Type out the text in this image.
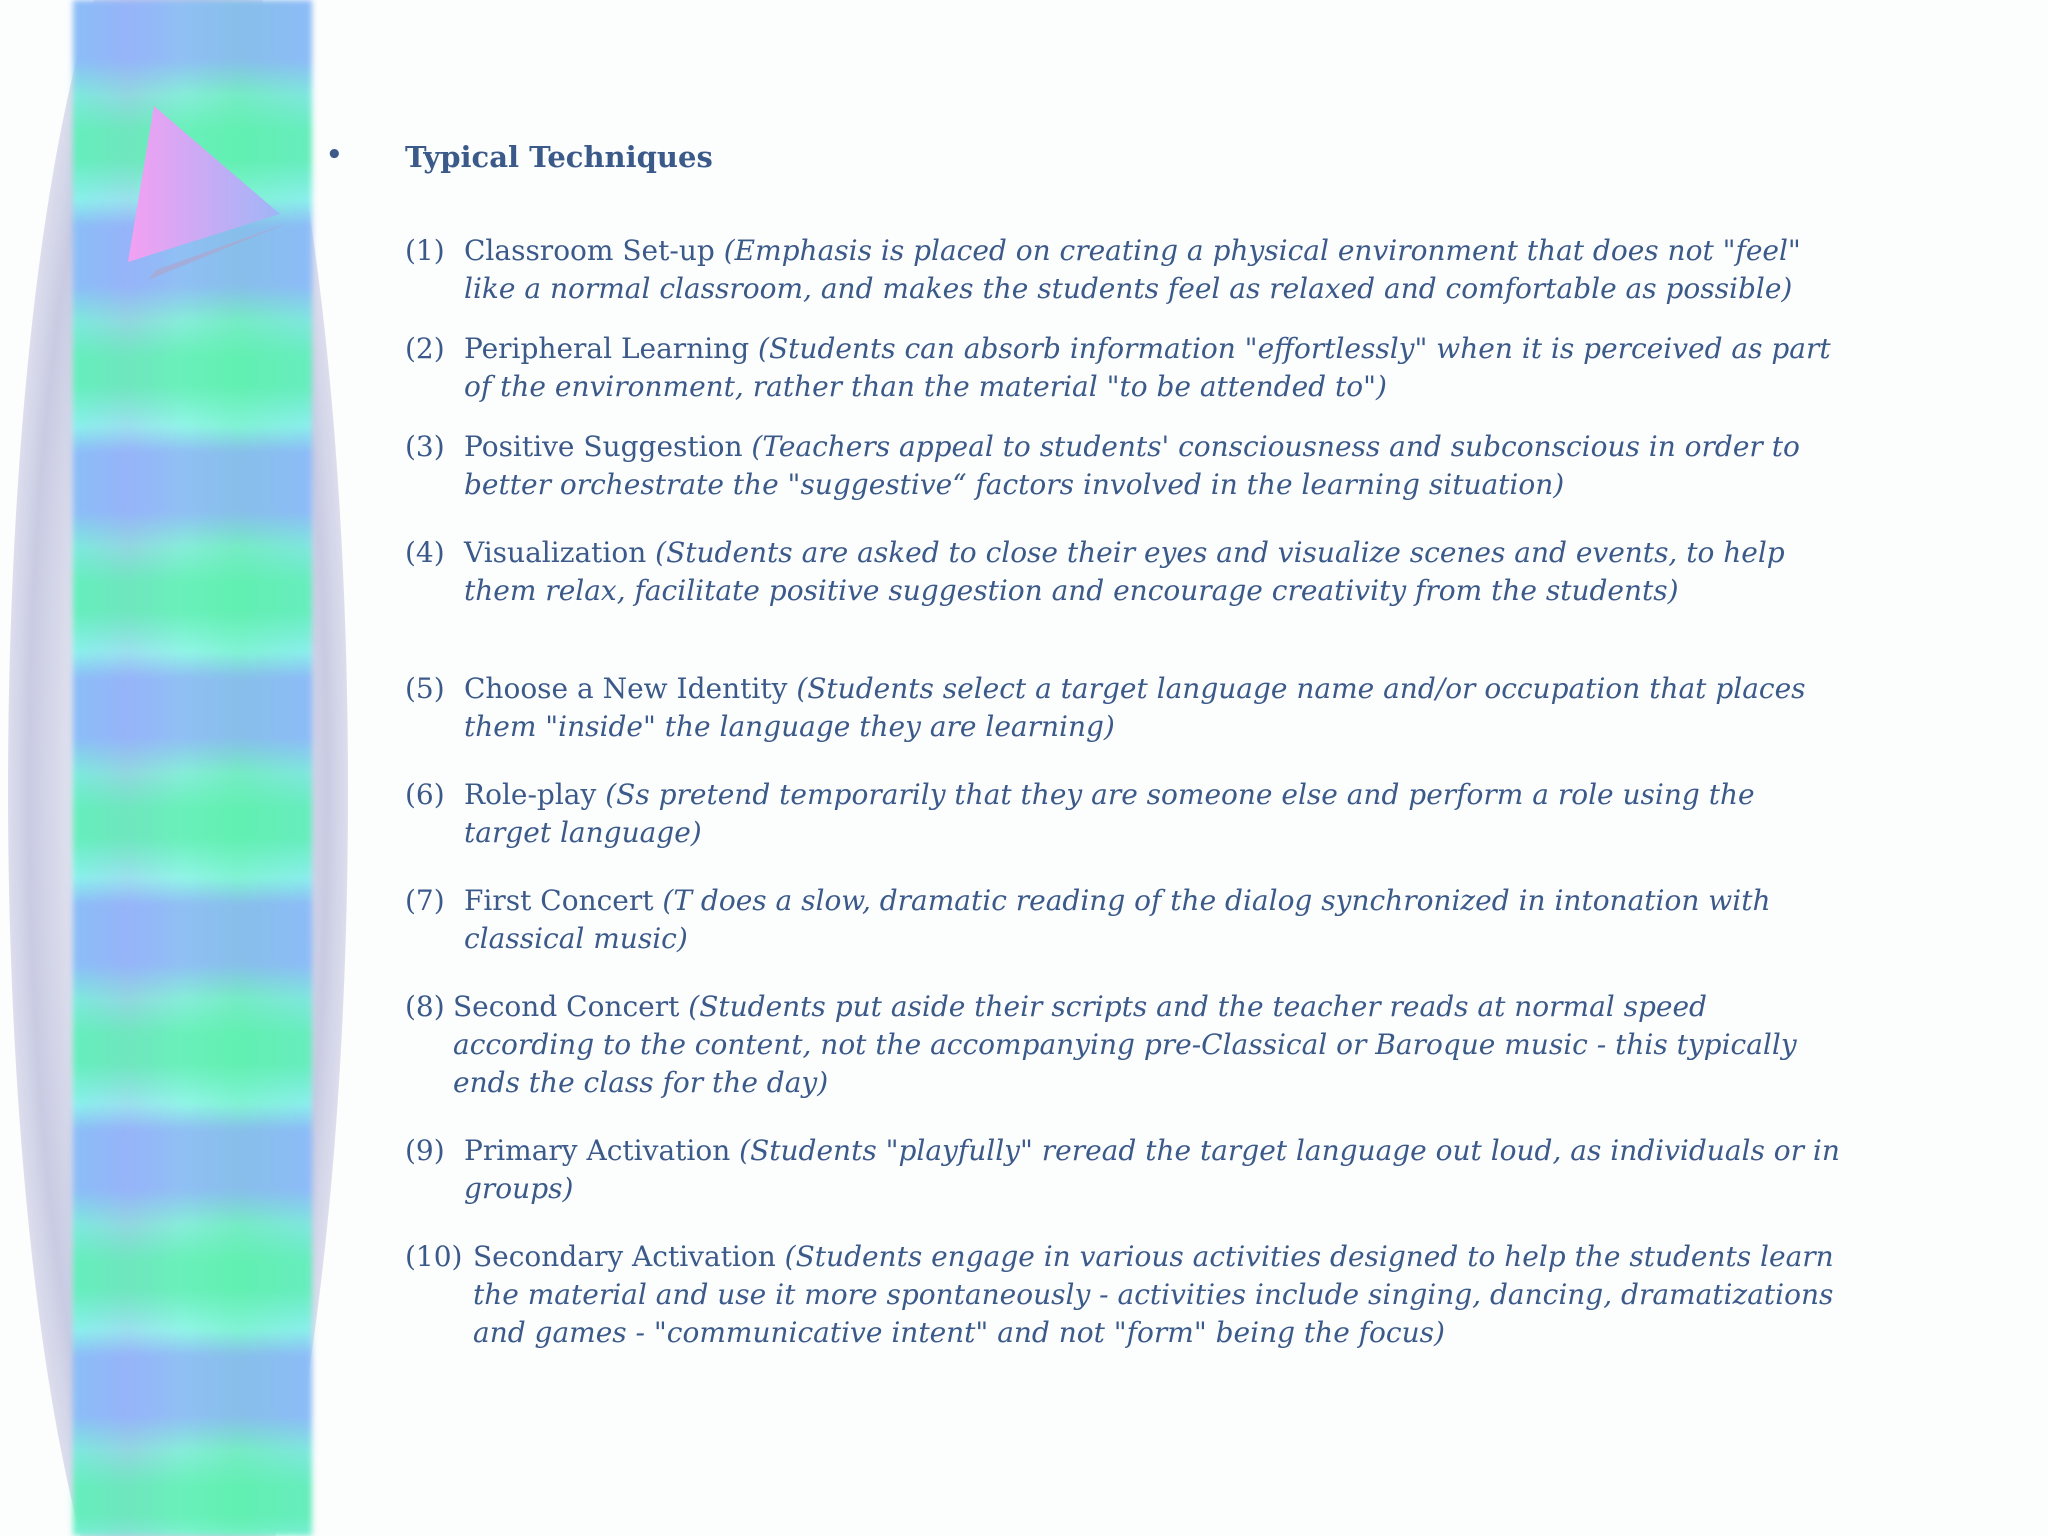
• Typical Techniques
(1) Classroom Set-up (Emphasis is placed on creating a physical environment that does not "feel"
like a normal classroom, and makes the students feel as relaxed and comfortable as possible)
(2) Peripheral Learning (Students can absorb information "effortlessly" when it is perceived as part
of the environment, rather than the material "to be attended to")
(3) Positive Suggestion (Teachers appeal to students' consciousness and subconscious in order to
better orchestrate the "suggestive“ factors involved in the learning situation)
(4) Visualization (Students are asked to close their eyes and visualize scenes and events, to help
them relax, facilitate positive suggestion and encourage creativity from the students)
(5) Choose a New Identity (Students select a target language name and/or occupation that places
them "inside" the language they are learning)
(6) Role-play (Ss pretend temporarily that they are someone else and perform a role using the
target language)
(7) First Concert (T does a slow, dramatic reading of the dialog synchronized in intonation with
classical music)
(8) Second Concert (Students put aside their scripts and the teacher reads at normal speed
according to the content, not the accompanying pre-Classical or Baroque music - this typically
ends the class for the day)
(9) Primary Activation (Students "playfully" reread the target language out loud, as individuals or in
groups)
(10) Secondary Activation (Students engage in various activities designed to help the students learn
the material and use it more spontaneously - activities include singing, dancing, dramatizations
and games - "communicative intent" and not "form" being the focus)
